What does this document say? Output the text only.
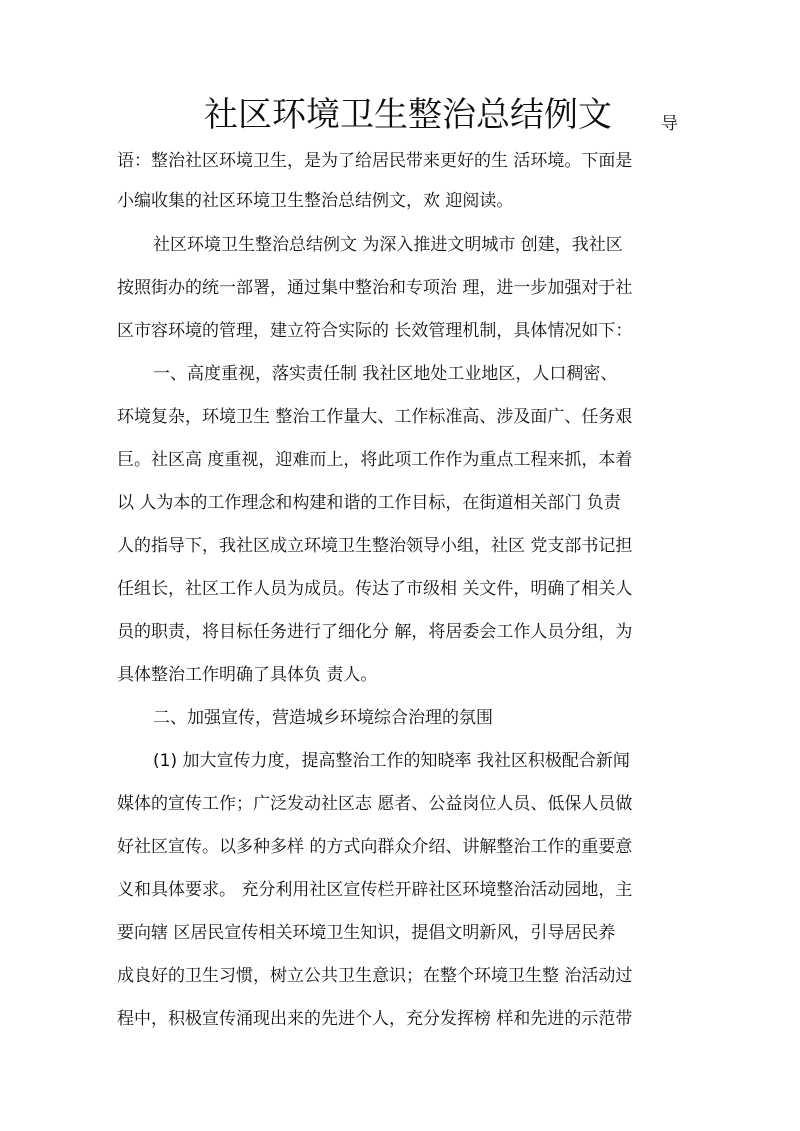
社区环境卫生整治总结例文	导
语：整治社区环境卫生，是为了给居民带来更好的生 活环境。下面是
小编收集的社区环境卫生整治总结例文，欢 迎阅读。
社区环境卫生整治总结例文 为深入推进文明城市 创建，我社区
按照街办的统一部署，通过集中整治和专项治 理，进一步加强对于社
区市容环境的管理，建立符合实际的 长效管理机制，具体情况如下：
一、高度重视，落实责任制 我社区地处工业地区，人口稠密、
环境复杂，环境卫生 整治工作量大、工作标准高、涉及面广、任务艰
巨。社区高 度重视，迎难而上，将此项工作作为重点工程来抓，本着
以 人为本的工作理念和构建和谐的工作目标，在街道相关部门 负责
人的指导下，我社区成立环境卫生整治领导小组，社区 党支部书记担
任组长，社区工作人员为成员。传达了市级相 关文件，明确了相关人
员的职责，将目标任务进行了细化分 解，将居委会工作人员分组，为
具体整治工作明确了具体负 责人。
二、加强宣传，营造城乡环境综合治理的氛围
(1) 加大宣传力度，提高整治工作的知晓率 我社区积极配合新闻
媒体的宣传工作；广泛发动社区志 愿者、公益岗位人员、低保人员做
好社区宣传。以多种多样 的方式向群众介绍、讲解整治工作的重要意
义和具体要求。 充分利用社区宣传栏开辟社区环境整治活动园地，主
要向辖 区居民宣传相关环境卫生知识，提倡文明新风，引导居民养
成良好的卫生习惯，树立公共卫生意识；在整个环境卫生整 治活动过
程中，积极宣传涌现出来的先进个人，充分发挥榜 样和先进的示范带
